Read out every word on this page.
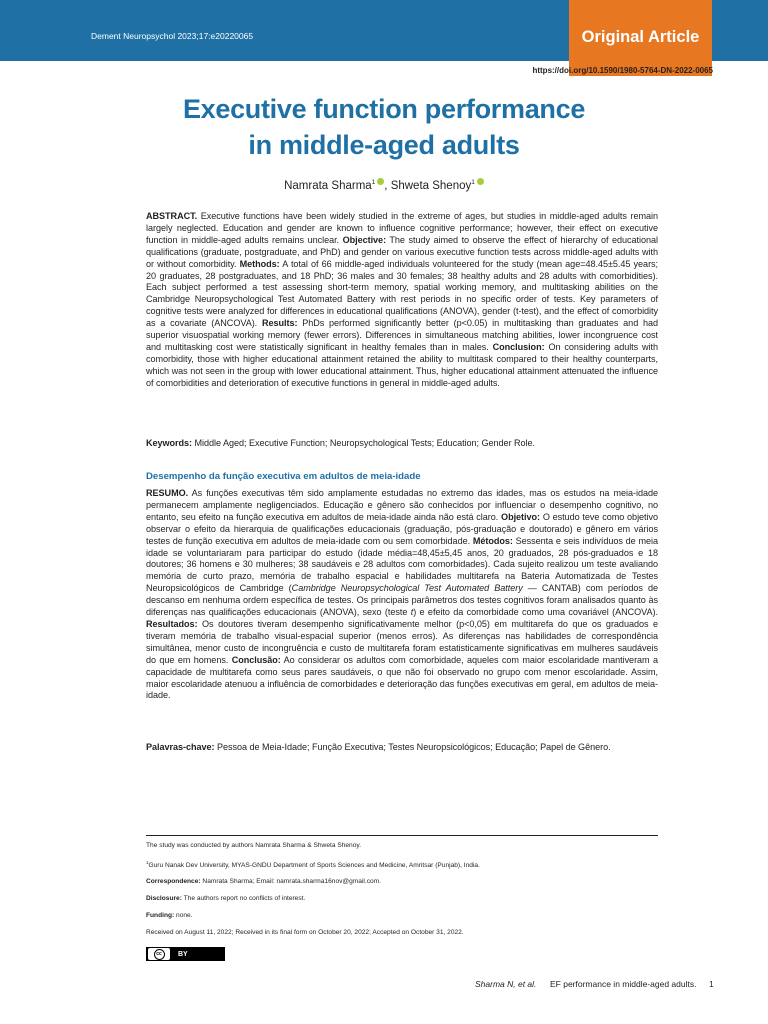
Dement Neuropsychol 2023;17:e20220065	Original Article
https://doi.org/10.1590/1980-5764-DN-2022-0065
Executive function performance
in middle-aged adults
Namrata Sharma$^1$ , Shweta Shenoy$^1$

ABSTRACT. Executive functions have been widely studied in the extreme of ages, but studies in middle-aged adults remain largely neglected. Education and gender are known to influence cognitive performance; however, their effect on executive function in middle-aged adults remains unclear. Objective: The study aimed to observe the effect of hierarchy of educational qualifications (graduate, postgraduate, and PhD) and gender on various executive function tests across middle-aged adults with or without comorbidity. Methods: A total of 66 middle-aged individuals volunteered for the study (mean age=48.45±5.45 years; 20 graduates, 28 postgraduates, and 18 PhD; 36 males and 30 females; 38 healthy adults and 28 adults with comorbidities). Each subject performed a test assessing short-term memory, spatial working memory, and multitasking abilities on the Cambridge Neuropsychological Test Automated Battery with rest periods in no specific order of tests. Key parameters of cognitive tests were analyzed for differences in educational qualifications (ANOVA), gender (t-test), and the effect of comorbidity as a covariate (ANCOVA). Results: PhDs performed significantly better (p<0.05) in multitasking than graduates and had superior visuospatial working memory (fewer errors). Differences in simultaneous matching abilities, lower incongruence cost and multitasking cost were statistically significant in healthy females than in males. Conclusion: On considering adults with comorbidity, those with higher educational attainment retained the ability to multitask compared to their healthy counterparts, which was not seen in the group with lower educational attainment. Thus, higher educational attainment attenuated the influence of comorbidities and deterioration of executive functions in general in middle-aged adults.

Keywords: Middle Aged; Executive Function; Neuropsychological Tests; Education; Gender Role.

Desempenho da função executiva em adultos de meia-idade

RESUMO. As funções executivas têm sido amplamente estudadas no extremo das idades, mas os estudos na meia-idade permanecem amplamente negligenciados. Educação e gênero são conhecidos por influenciar o desempenho cognitivo, no entanto, seu efeito na função executiva em adultos de meia-idade ainda não está claro. Objetivo: O estudo teve como objetivo observar o efeito da hierarquia de qualificações educacionais (graduação, pós-graduação e doutorado) e gênero em vários testes de função executiva em adultos de meia-idade com ou sem comorbidade. Métodos: Sessenta e seis indivíduos de meia idade se voluntariaram para participar do estudo (idade média=48,45±5,45 anos, 20 graduados, 28 pós-graduados e 18 doutores; 36 homens e 30 mulheres; 38 saudáveis e 28 adultos com comorbidades). Cada sujeito realizou um teste avaliando memória de curto prazo, memória de trabalho espacial e habilidades multitarefa na Bateria Automatizada de Testes Neuropsicológicos de Cambridge (Cambridge Neuropsychological Test Automated Battery — CANTAB) com períodos de descanso em nenhuma ordem específica de testes. Os principais parâmetros dos testes cognitivos foram analisados quanto às diferenças nas qualificações educacionais (ANOVA), sexo (teste t) e efeito da comorbidade como uma covariável (ANCOVA). Resultados: Os doutores tiveram desempenho significativamente melhor (p<0,05) em multitarefa do que os graduados e tiveram memória de trabalho visual-espacial superior (menos erros). As diferenças nas habilidades de correspondência simultânea, menor custo de incongruência e custo de multitarefa foram estatisticamente significativas em mulheres saudáveis do que em homens. Conclusão: Ao considerar os adultos com comorbidade, aqueles com maior escolaridade mantiveram a capacidade de multitarefa como seus pares saudáveis, o que não foi observado no grupo com menor escolaridade. Assim, maior escolaridade atenuou a influência de comorbidades e deterioração das funções executivas em geral, em adultos de meia-idade.

Palavras-chave: Pessoa de Meia-Idade; Função Executiva; Testes Neuropsicológicos; Educação; Papel de Gênero.

The study was conducted by authors Namrata Sharma & Shweta Shenoy.
$^1$Guru Nanak Dev University, MYAS-GNDU Department of Sports Sciences and Medicine, Amritsar (Punjab), India.
Correspondence: Namrata Sharma; Email: namrata.sharma16nov@gmail.com.
Disclosure: The authors report no conflicts of interest.
Funding: none.
Received on August 11, 2022; Received in its final form on October 20, 2022; Accepted on October 31, 2022.
cc	BY
Sharma N, et al. EF performance in middle-aged adults. 1
